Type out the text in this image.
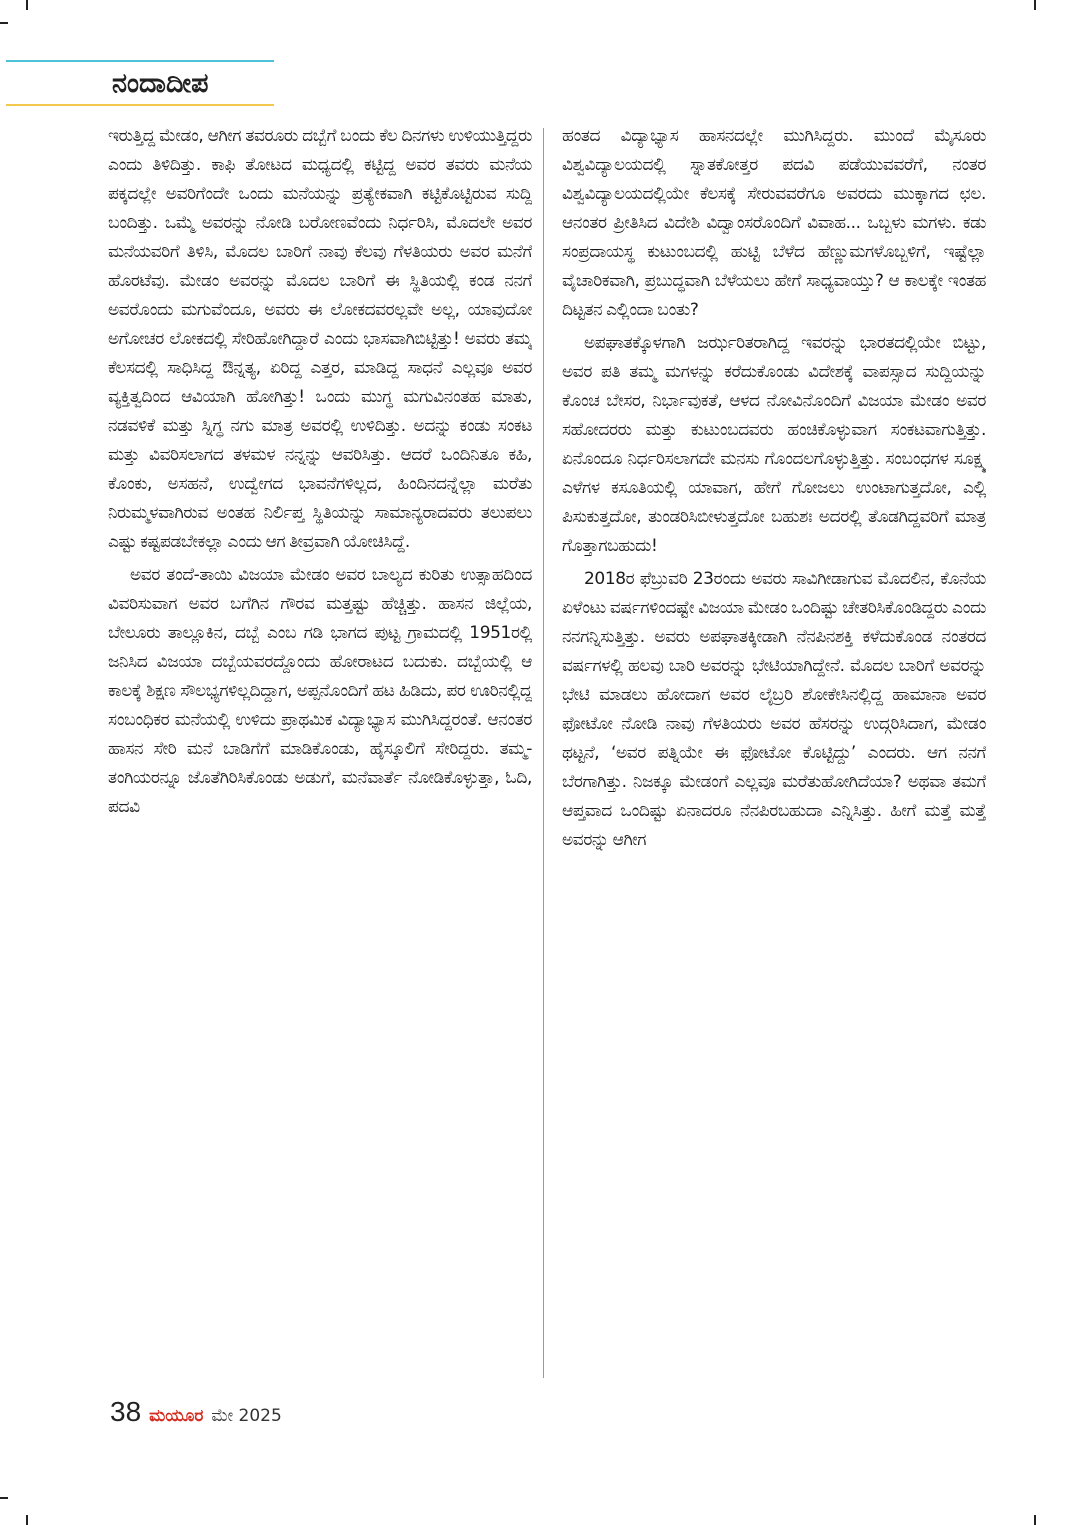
ನಂದಾದೀಪ

ಇರುತ್ತಿದ್ದ ಮೇಡಂ, ಆಗೀಗ ತವರೂರು ದಬ್ಬೆಗೆ ಬಂದು ಕೆಲ ದಿನಗಳು ಉಳಿಯುತ್ತಿದ್ದರು ಎಂದು ತಿಳಿದಿತ್ತು. ಕಾಫಿ ತೋಟದ ಮಧ್ಯದಲ್ಲಿ ಕಟ್ಟಿದ್ದ ಅವರ ತವರು ಮನೆಯ ಪಕ್ಕದಲ್ಲೇ ಅವರಿಗೆಂದೇ ಒಂದು ಮನೆಯನ್ನು ಪ್ರತ್ಯೇಕವಾಗಿ ಕಟ್ಟಿಕೊಟ್ಟಿರುವ ಸುದ್ದಿ ಬಂದಿತ್ತು. ಒಮ್ಮೆ ಅವರನ್ನು ನೋಡಿ ಬರೋಣವೆಂದು ನಿರ್ಧರಿಸಿ, ಮೊದಲೇ ಅವರ ಮನೆಯವರಿಗೆ ತಿಳಿಸಿ, ಮೊದಲ ಬಾರಿಗೆ ನಾವು ಕೆಲವು ಗೆಳತಿಯರು ಅವರ ಮನೆಗೆ ಹೊರಟೆವು. ಮೇಡಂ ಅವರನ್ನು ಮೊದಲ ಬಾರಿಗೆ ಈ ಸ್ಥಿತಿಯಲ್ಲಿ ಕಂಡ ನನಗೆ ಅವರೊಂದು ಮಗುವೆಂದೂ, ಅವರು ಈ ಲೋಕದವರಲ್ಲವೇ ಅಲ್ಲ, ಯಾವುದೋ ಅಗೋಚರ ಲೋಕದಲ್ಲಿ ಸೇರಿಹೋಗಿದ್ದಾರೆ ಎಂದು ಭಾಸವಾಗಿಬಿಟ್ಟಿತ್ತು! ಅವರು ತಮ್ಮ ಕೆಲಸದಲ್ಲಿ ಸಾಧಿಸಿದ್ದ ಔನ್ನತ್ಯ, ಏರಿದ್ದ ಎತ್ತರ, ಮಾಡಿದ್ದ ಸಾಧನೆ ಎಲ್ಲವೂ ಅವರ ವ್ಯಕ್ತಿತ್ವದಿಂದ ಆವಿಯಾಗಿ ಹೋಗಿತ್ತು! ಒಂದು ಮುಗ್ಧ ಮಗುವಿನಂತಹ ಮಾತು, ನಡವಳಿಕೆ ಮತ್ತು ಸ್ನಿಗ್ಧ ನಗು ಮಾತ್ರ ಅವರಲ್ಲಿ ಉಳಿದಿತ್ತು. ಅದನ್ನು ಕಂಡು ಸಂಕಟ ಮತ್ತು ವಿವರಿಸಲಾಗದ ತಳಮಳ ನನ್ನನ್ನು ಆವರಿಸಿತ್ತು. ಆದರೆ ಒಂದಿನಿತೂ ಕಹಿ, ಕೊಂಕು, ಅಸಹನೆ, ಉದ್ವೇಗದ ಭಾವನೆಗಳಿಲ್ಲದ, ಹಿಂದಿನದನ್ನೆಲ್ಲಾ ಮರೆತು ನಿರುಮ್ಮಳವಾಗಿರುವ ಅಂತಹ ನಿರ್ಲಿಪ್ತ ಸ್ಥಿತಿಯನ್ನು ಸಾಮಾನ್ಯರಾದವರು ತಲುಪಲು ಎಷ್ಟು ಕಷ್ಟಪಡಬೇಕಲ್ಲಾ ಎಂದು ಆಗ ತೀವ್ರವಾಗಿ ಯೋಚಿಸಿದ್ದೆ.

ಅವರ ತಂದೆ-ತಾಯಿ ವಿಜಯಾ ಮೇಡಂ ಅವರ ಬಾಲ್ಯದ ಕುರಿತು ಉತ್ಸಾಹದಿಂದ ವಿವರಿಸುವಾಗ ಅವರ ಬಗೆಗಿನ ಗೌರವ ಮತ್ತಷ್ಟು ಹೆಚ್ಚಿತ್ತು. ಹಾಸನ ಜಿಲ್ಲೆಯ, ಬೇಲೂರು ತಾಲ್ಲೂಕಿನ, ದಬ್ಬೆ ಎಂಬ ಗಡಿ ಭಾಗದ ಪುಟ್ಟ ಗ್ರಾಮದಲ್ಲಿ 1951ರಲ್ಲಿ ಜನಿಸಿದ ವಿಜಯಾ ದಬ್ಬೆಯವರದ್ದೊಂದು ಹೋರಾಟದ ಬದುಕು. ದಬ್ಬೆಯಲ್ಲಿ ಆ ಕಾಲಕ್ಕೆ ಶಿಕ್ಷಣ ಸೌಲಭ್ಯಗಳಿಲ್ಲದಿದ್ದಾಗ, ಅಪ್ಪನೊಂದಿಗೆ ಹಟ ಹಿಡಿದು, ಪರ ಊರಿನಲ್ಲಿದ್ದ ಸಂಬಂಧಿಕರ ಮನೆಯಲ್ಲಿ ಉಳಿದು ಪ್ರಾಥಮಿಕ ವಿದ್ಯಾಭ್ಯಾಸ ಮುಗಿಸಿದ್ದರಂತೆ. ಆನಂತರ ಹಾಸನ ಸೇರಿ ಮನೆ ಬಾಡಿಗೆಗೆ ಮಾಡಿಕೊಂಡು, ಹೈಸ್ಕೂಲಿಗೆ ಸೇರಿದ್ದರು. ತಮ್ಮ-ತಂಗಿಯರನ್ನೂ ಜೊತೆಗಿರಿಸಿಕೊಂಡು ಅಡುಗೆ, ಮನೆವಾರ್ತೆ ನೋಡಿಕೊಳ್ಳುತ್ತಾ, ಓದಿ, ಪದವಿ

ಹಂತದ ವಿದ್ಯಾಭ್ಯಾಸ ಹಾಸನದಲ್ಲೇ ಮುಗಿಸಿದ್ದರು. ಮುಂದೆ ಮೈಸೂರು ವಿಶ್ವವಿದ್ಯಾಲಯದಲ್ಲಿ ಸ್ನಾತಕೋತ್ತರ ಪದವಿ ಪಡೆಯುವವರೆಗೆ, ನಂತರ ವಿಶ್ವವಿದ್ಯಾಲಯದಲ್ಲಿಯೇ ಕೆಲಸಕ್ಕೆ ಸೇರುವವರೆಗೂ ಅವರದು ಮುಕ್ಕಾಗದ ಛಲ. ಆನಂತರ ಪ್ರೀತಿಸಿದ ವಿದೇಶಿ ವಿದ್ವಾಂಸರೊಂದಿಗೆ ವಿವಾಹ... ಒಬ್ಬಳು ಮಗಳು. ಕಡು ಸಂಪ್ರದಾಯಸ್ಥ ಕುಟುಂಬದಲ್ಲಿ ಹುಟ್ಟಿ ಬೆಳೆದ ಹೆಣ್ಣುಮಗಳೊಬ್ಬಳಿಗೆ, ಇಷ್ಟೆಲ್ಲಾ ವೈಚಾರಿಕವಾಗಿ, ಪ್ರಬುದ್ಧವಾಗಿ ಬೆಳೆಯಲು ಹೇಗೆ ಸಾಧ್ಯವಾಯ್ತು? ಆ ಕಾಲಕ್ಕೇ ಇಂತಹ ದಿಟ್ಟತನ ಎಲ್ಲಿಂದಾ ಬಂತು?

ಅಪಘಾತಕ್ಕೊಳಗಾಗಿ ಜರ್ಝರಿತರಾಗಿದ್ದ ಇವರನ್ನು ಭಾರತದಲ್ಲಿಯೇ ಬಿಟ್ಟು, ಅವರ ಪತಿ ತಮ್ಮ ಮಗಳನ್ನು ಕರೆದುಕೊಂಡು ವಿದೇಶಕ್ಕೆ ವಾಪಸ್ಸಾದ ಸುದ್ದಿಯನ್ನು ಕೊಂಚ ಬೇಸರ, ನಿರ್ಭಾವುಕತೆ, ಆಳದ ನೋವಿನೊಂದಿಗೆ ವಿಜಯಾ ಮೇಡಂ ಅವರ ಸಹೋದರರು ಮತ್ತು ಕುಟುಂಬದವರು ಹಂಚಿಕೊಳ್ಳುವಾಗ ಸಂಕಟವಾಗುತ್ತಿತ್ತು. ಏನೊಂದೂ ನಿರ್ಧರಿಸಲಾಗದೇ ಮನಸು ಗೊಂದಲಗೊಳ್ಳುತ್ತಿತ್ತು. ಸಂಬಂಧಗಳ ಸೂಕ್ಷ್ಮ ಎಳೆಗಳ ಕಸೂತಿಯಲ್ಲಿ ಯಾವಾಗ, ಹೇಗೆ ಗೋಜಲು ಉಂಟಾಗುತ್ತದೋ, ಎಲ್ಲಿ ಪಿಸುಕುತ್ತದೋ, ತುಂಡರಿಸಿಬೀಳುತ್ತದೋ ಬಹುಶಃ ಅದರಲ್ಲಿ ತೊಡಗಿದ್ದವರಿಗೆ ಮಾತ್ರ ಗೊತ್ತಾಗಬಹುದು!

2018ರ ಫೆಬ್ರುವರಿ 23ರಂದು ಅವರು ಸಾವಿಗೀಡಾಗುವ ಮೊದಲಿನ, ಕೊನೆಯ ಏಳೆಂಟು ವರ್ಷಗಳಿಂದಷ್ಟೇ ವಿಜಯಾ ಮೇಡಂ ಒಂದಿಷ್ಟು ಚೇತರಿಸಿಕೊಂಡಿದ್ದರು ಎಂದು ನನಗನ್ನಿಸುತ್ತಿತ್ತು. ಅವರು ಅಪಘಾತಕ್ಕೀಡಾಗಿ ನೆನಪಿನಶಕ್ತಿ ಕಳೆದುಕೊಂಡ ನಂತರದ ವರ್ಷಗಳಲ್ಲಿ ಹಲವು ಬಾರಿ ಅವರನ್ನು ಭೇಟಿಯಾಗಿದ್ದೇನೆ. ಮೊದಲ ಬಾರಿಗೆ ಅವರನ್ನು ಭೇಟಿ ಮಾಡಲು ಹೋದಾಗ ಅವರ ಲೈಬ್ರರಿ ಶೋಕೇಸಿನಲ್ಲಿದ್ದ ಹಾಮಾನಾ ಅವರ ಫೋಟೋ ನೋಡಿ ನಾವು ಗೆಳತಿಯರು ಅವರ ಹೆಸರನ್ನು ಉದ್ಗರಿಸಿದಾಗ, ಮೇಡಂ ಥಟ್ಟನೆ, ‘ಅವರ ಪತ್ನಿಯೇ ಈ ಫೋಟೋ ಕೊಟ್ಟಿದ್ದು’ ಎಂದರು. ಆಗ ನನಗೆ ಬೆರಗಾಗಿತ್ತು. ನಿಜಕ್ಕೂ ಮೇಡಂಗೆ ಎಲ್ಲವೂ ಮರೆತುಹೋಗಿದೆಯಾ? ಅಥವಾ ತಮಗೆ ಆಪ್ತವಾದ ಒಂದಿಷ್ಟು ಏನಾದರೂ ನೆನಪಿರಬಹುದಾ ಎನ್ನಿಸಿತ್ತು. ಹೀಗೆ ಮತ್ತೆ ಮತ್ತೆ ಅವರನ್ನು ಆಗೀಗ

38 ಮಯೂರ ಮೇ 2025
